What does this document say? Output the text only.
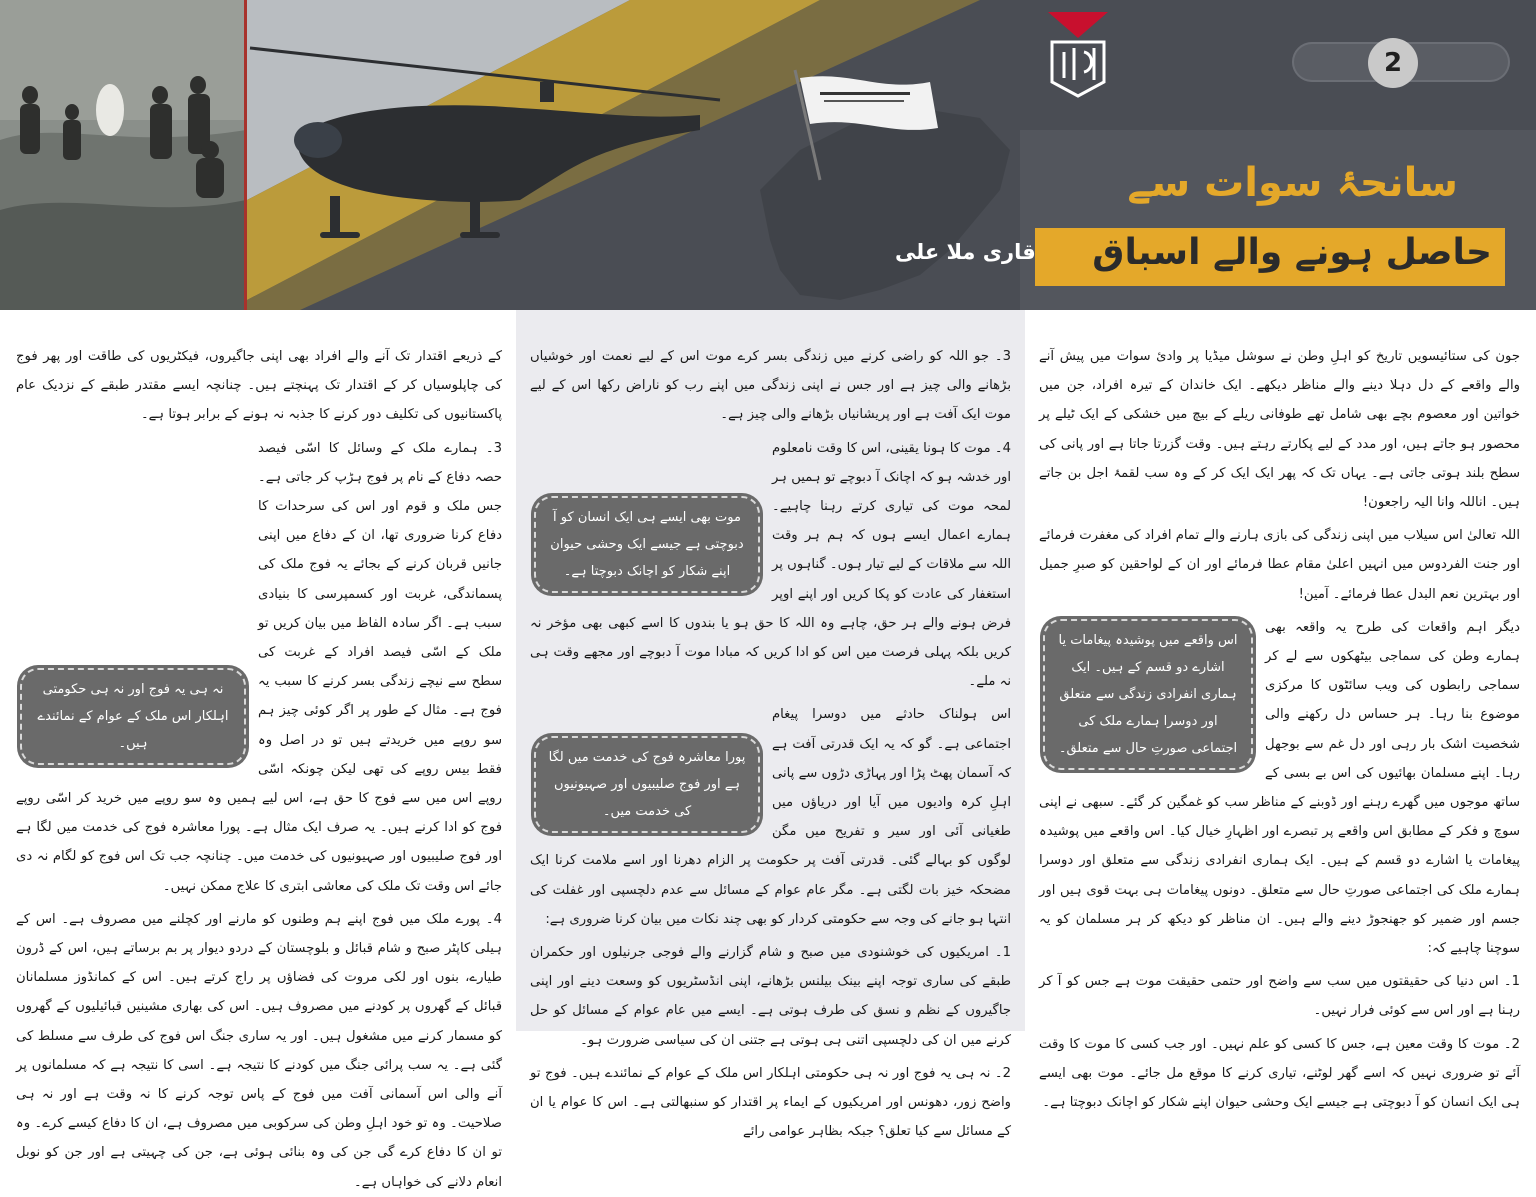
2
سانحۂ سوات سے
حاصل ہونے والے اسباق
قاری ملا علی

جون کی ستائیسویں تاریخ کو اہلِ وطن نے سوشل میڈیا پر وادیٔ سوات میں پیش آنے والے واقعے کے دل دہلا دینے والے مناظر دیکھے۔ ایک خاندان کے تیرہ افراد، جن میں خواتین اور معصوم بچے بھی شامل تھے طوفانی ریلے کے بیچ میں خشکی کے ایک ٹیلے پر محصور ہو جاتے ہیں، اور مدد کے لیے پکارتے رہتے ہیں۔ وقت گزرتا جاتا ہے اور پانی کی سطح بلند ہوتی جاتی ہے۔ یہاں تک کہ پھر ایک ایک کر کے وہ سب لقمۂ اجل بن جاتے ہیں۔ اناللہ وانا الیہ راجعون!

اللہ تعالیٰ اس سیلاب میں اپنی زندگی کی بازی ہارنے والے تمام افراد کی مغفرت فرمائے اور جنت الفردوس میں انہیں اعلیٰ مقام عطا فرمائے اور ان کے لواحقین کو صبرِ جمیل اور بہترین نعم البدل عطا فرمائے۔ آمین!

اس واقعے میں پوشیدہ پیغامات یا اشارے دو قسم کے ہیں۔ ایک ہماری انفرادی زندگی سے متعلق اور دوسرا ہمارے ملک کی اجتماعی صورتِ حال سے متعلق۔

دیگر اہم واقعات کی طرح یہ واقعہ بھی ہمارے وطن کی سماجی بیٹھکوں سے لے کر سماجی رابطوں کی ویب سائٹوں کا مرکزی موضوع بنا رہا۔ ہر حساس دل رکھنے والی شخصیت اشک بار رہی اور دل غم سے بوجھل رہا۔ اپنے مسلمان بھائیوں کی اس بے بسی کے ساتھ موجوں میں گھرے رہنے اور ڈوبنے کے مناظر سب کو غمگین کر گئے۔ سبھی نے اپنی سوچ و فکر کے مطابق اس واقعے پر تبصرے اور اظہارِ خیال کیا۔ اس واقعے میں پوشیدہ پیغامات یا اشارے دو قسم کے ہیں۔ ایک ہماری انفرادی زندگی سے متعلق اور دوسرا ہمارے ملک کی اجتماعی صورتِ حال سے متعلق۔ دونوں پیغامات ہی بہت قوی ہیں اور جسم اور ضمیر کو جھنجوڑ دینے والے ہیں۔ ان مناظر کو دیکھ کر ہر مسلمان کو یہ سوچنا چاہیے کہ:

1۔ اس دنیا کی حقیقتوں میں سب سے واضح اور حتمی حقیقت موت ہے جس کو آ کر رہنا ہے اور اس سے کوئی فرار نہیں۔

2۔ موت کا وقت معین ہے، جس کا کسی کو علم نہیں۔ اور جب کسی کا موت کا وقت آئے تو ضروری نہیں کہ اسے گھر لوٹنے، تیاری کرنے کا موقع مل جائے۔ موت بھی ایسے ہی ایک انسان کو آ دبوچتی ہے جیسے ایک وحشی حیوان اپنے شکار کو اچانک دبوچتا ہے۔

3۔ جو اللہ کو راضی کرنے میں زندگی بسر کرے موت اس کے لیے نعمت اور خوشیاں بڑھانے والی چیز ہے اور جس نے اپنی زندگی میں اپنے رب کو ناراض رکھا اس کے لیے موت ایک آفت ہے اور پریشانیاں بڑھانے والی چیز ہے۔

موت بھی ایسے ہی ایک انسان کو آ دبوچتی ہے جیسے ایک وحشی حیوان اپنے شکار کو اچانک دبوچتا ہے۔

4۔ موت کا ہونا یقینی، اس کا وقت نامعلوم اور خدشہ ہو کہ اچانک آ دبوچے تو ہمیں ہر لمحہ موت کی تیاری کرتے رہنا چاہیے۔ ہمارے اعمال ایسے ہوں کہ ہم ہر وقت اللہ سے ملاقات کے لیے تیار ہوں۔ گناہوں پر استغفار کی عادت کو پکا کریں اور اپنے اوپر فرض ہونے والے ہر حق، چاہے وہ اللہ کا حق ہو یا بندوں کا اسے کبھی بھی مؤخر نہ کریں بلکہ پہلی فرصت میں اس کو ادا کریں کہ مبادا موت آ دبوچے اور مجھے وقت ہی نہ ملے۔

پورا معاشرہ فوج کی خدمت میں لگا ہے اور فوج صلیبیوں اور صہیونیوں کی خدمت میں۔

اس ہولناک حادثے میں دوسرا پیغام اجتماعی ہے۔ گو کہ یہ ایک قدرتی آفت ہے کہ آسمان پھٹ پڑا اور پہاڑی دڑوں سے پانی اہلِ کرہ وادیوں میں آیا اور دریاؤں میں طغیانی آئی اور سیر و تفریح میں مگن لوگوں کو بہالے گئی۔ قدرتی آفت پر حکومت پر الزام دھرنا اور اسے ملامت کرنا ایک مضحکہ خیز بات لگتی ہے۔ مگر عام عوام کے مسائل سے عدم دلچسپی اور غفلت کی انتہا ہو جانے کی وجہ سے حکومتی کردار کو بھی چند نکات میں بیان کرنا ضروری ہے:

1۔ امریکیوں کی خوشنودی میں صبح و شام گزارنے والے فوجی جرنیلوں اور حکمران طبقے کی ساری توجہ اپنے بینک بیلنس بڑھانے، اپنی انڈسٹریوں کو وسعت دینے اور اپنی جاگیروں کے نظم و نسق کی طرف ہوتی ہے۔ ایسے میں عام عوام کے مسائل کو حل کرنے میں ان کی دلچسپی اتنی ہی ہوتی ہے جتنی ان کی سیاسی ضرورت ہو۔

2۔ نہ ہی یہ فوج اور نہ ہی حکومتی اہلکار اس ملک کے عوام کے نمائندے ہیں۔ فوج تو واضح زور، دھونس اور امریکیوں کے ایماء پر اقتدار کو سنبھالتی ہے۔ اس کا عوام یا ان کے مسائل سے کیا تعلق؟ جبکہ بظاہر عوامی رائے

کے ذریعے اقتدار تک آنے والے افراد بھی اپنی جاگیروں، فیکٹریوں کی طاقت اور پھر فوج کی چاپلوسیاں کر کے اقتدار تک پہنچتے ہیں۔ چنانچہ ایسے مقتدر طبقے کے نزدیک عام پاکستانیوں کی تکلیف دور کرنے کا جذبہ نہ ہونے کے برابر ہوتا ہے۔

نہ ہی یہ فوج اور نہ ہی حکومتی اہلکار اس ملک کے عوام کے نمائندے ہیں۔

3۔ ہمارے ملک کے وسائل کا اسّی فیصد حصہ دفاع کے نام پر فوج ہڑپ کر جاتی ہے۔ جس ملک و قوم اور اس کی سرحدات کا دفاع کرنا ضروری تھا، ان کے دفاع میں اپنی جانیں قربان کرنے کے بجائے یہ فوج ملک کی پسماندگی، غربت اور کسمپرسی کا بنیادی سبب ہے۔ اگر سادہ الفاظ میں بیان کریں تو ملک کے اسّی فیصد افراد کے غربت کی سطح سے نیچے زندگی بسر کرنے کا سبب یہ فوج ہے۔ مثال کے طور پر اگر کوئی چیز ہم سو روپے میں خریدتے ہیں تو در اصل وہ فقط بیس روپے کی تھی لیکن چونکہ اسّی روپے اس میں سے فوج کا حق ہے، اس لیے ہمیں وہ سو روپے میں خرید کر اسّی روپے فوج کو ادا کرنے ہیں۔ یہ صرف ایک مثال ہے۔ پورا معاشرہ فوج کی خدمت میں لگا ہے اور فوج صلیبیوں اور صہیونیوں کی خدمت میں۔ چنانچہ جب تک اس فوج کو لگام نہ دی جائے اس وقت تک ملک کی معاشی ابتری کا علاج ممکن نہیں۔

4۔ پورے ملک میں فوج اپنے ہم وطنوں کو مارنے اور کچلنے میں مصروف ہے۔ اس کے ہیلی کاپٹر صبح و شام قبائل و بلوچستان کے دردو دیوار پر بم برساتے ہیں، اس کے ڈرون طیارے، بنوں اور لکی مروت کی فضاؤں پر راج کرتے ہیں۔ اس کے کمانڈوز مسلمانان قبائل کے گھروں پر کودنے میں مصروف ہیں۔ اس کی بھاری مشینیں قبائیلیوں کے گھروں کو مسمار کرنے میں مشغول ہیں۔ اور یہ ساری جنگ اس فوج کی طرف سے مسلط کی گئی ہے۔ یہ سب پرائی جنگ میں کودنے کا نتیجہ ہے۔ اسی کا نتیجہ ہے کہ مسلمانوں پر آنے والی اس آسمانی آفت میں فوج کے پاس توجہ کرنے کا نہ وقت ہے اور نہ ہی صلاحیت۔ وہ تو خود اہلِ وطن کی سرکوبی میں مصروف ہے، ان کا دفاع کیسے کرے۔ وہ تو ان کا دفاع کرے گی جن کی وہ بنائی ہوئی ہے، جن کی چہیتی ہے اور جن کو نوبل انعام دلانے کی خواہاں ہے۔
